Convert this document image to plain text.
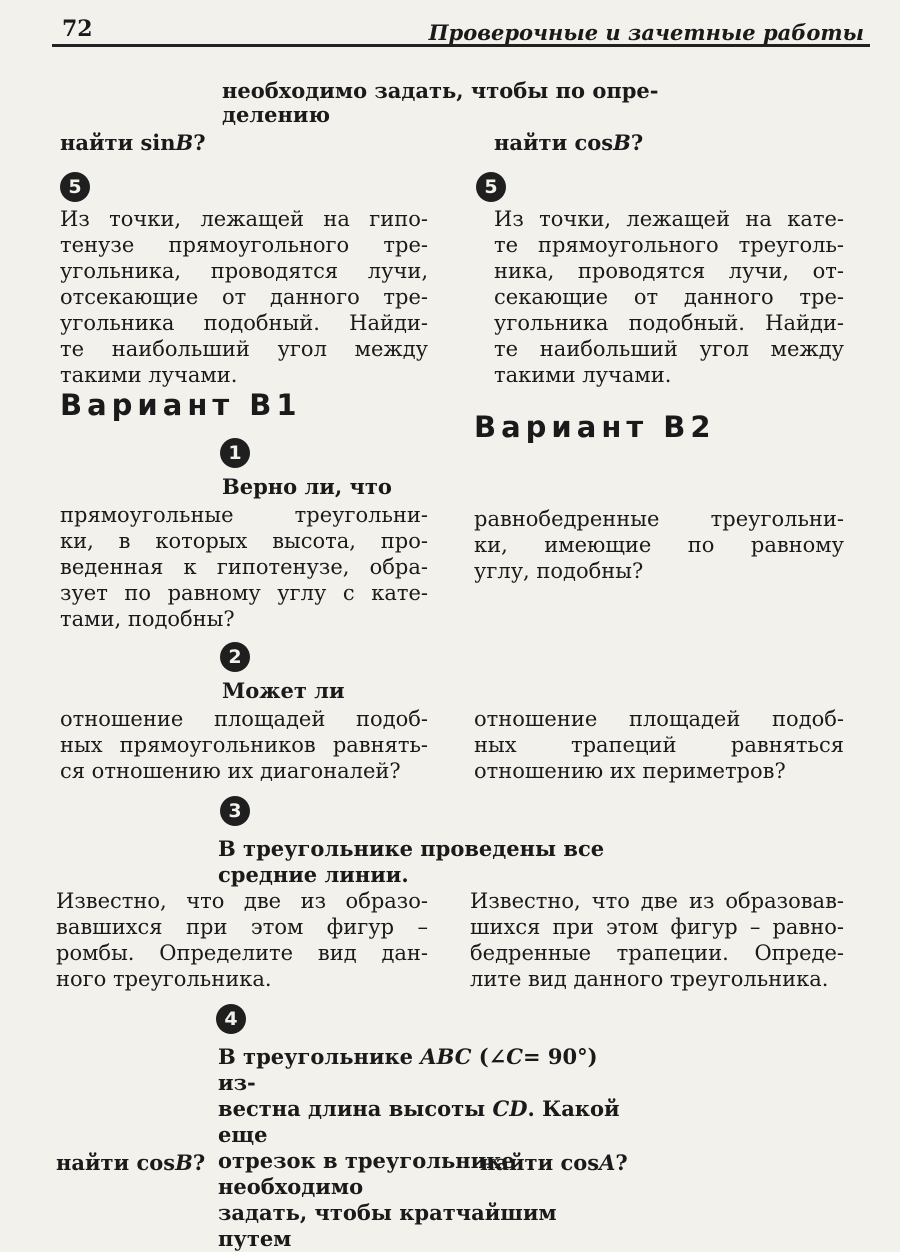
72	Проверочные и зачетные работы
необходимо задать, чтобы по опре-
делению
найти sinB?	найти cosB?
5	5
Из точки, лежащей на гипо-
тенузе прямоугольного тре-
угольника, проводятся лучи,
отсекающие от данного тре-
угольника подобный. Найди-
те наибольший угол между
такими лучами.
Из точки, лежащей на кате-
те прямоугольного треуголь-
ника, проводятся лучи, от-
секающие от данного тре-
угольника подобный. Найди-
те наибольший угол между
такими лучами.
Вариант В1
Вариант В2
1
Верно ли, что
прямоугольные треугольни-
ки, в которых высота, про-
веденная к гипотенузе, обра-
зует по равному углу с кате-
тами, подобны?
равнобедренные треугольни-
ки, имеющие по равному
углу, подобны?
2
Может ли
отношение площадей подоб-
ных прямоугольников равнять-
ся отношению их диагоналей?
отношение площадей подоб-
ных трапеций равняться
отношению их периметров?
3
В треугольнике проведены все
средние линии.
Известно, что две из образо-
вавшихся при этом фигур –
ромбы. Определите вид дан-
ного треугольника.
Известно, что две из образовав-
шихся при этом фигур – равно-
бедренные трапеции. Опреде-
лите вид данного треугольника.
4
В треугольнике ABC (∠C= 90°) из-
вестна длина высоты CD. Какой еще
отрезок в треугольнике необходимо
задать, чтобы кратчайшим путем
найти cosB?	найти cosA?
